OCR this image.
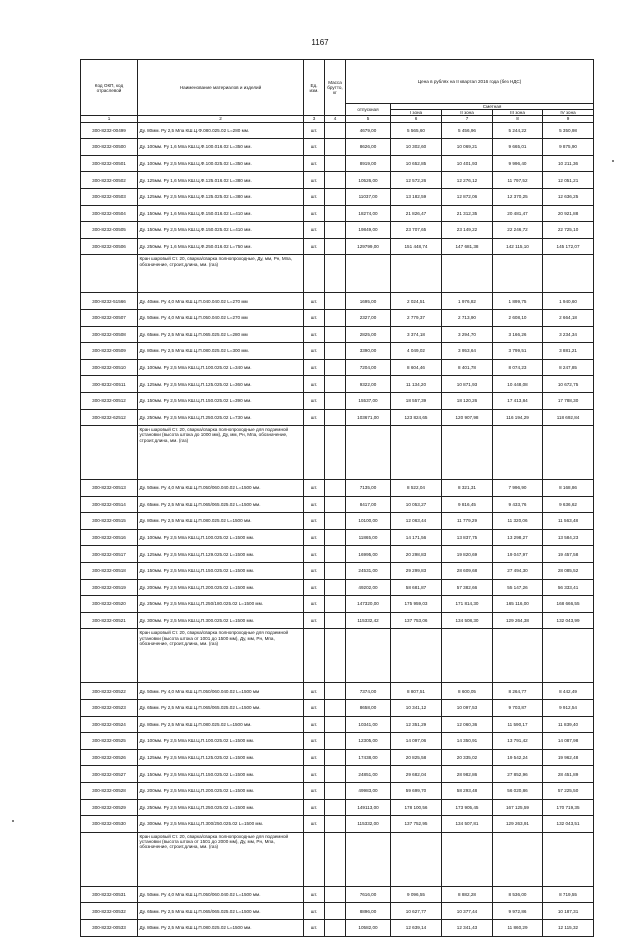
1167
Код ОКП, код отраслевой	Наименование материалов и изделий	Ед. изм.	Масса брутто, кг	Цена в рублях на II квартал 2016 года (без НДС)				
				отпускная	Сметная			
					I зона	II зона	III зона	IV зона
1	2	3	4	5	6	7	8	9
300-8232-00499	Ду. 80мм. Ру 2,5 Мпа КШ.Ц.Ф.080.025.02 L=280 мм.	шт.		4679,00	5 565,60	5 456,96	5 244,22	5 350,98
300-8232-00500	Ду. 100мм. Ру 1,6 Мпа КШ.Ц.Ф.100.016.02 L=350 мм.	шт.		8626,00	10 302,60	10 069,21	9 665,01	9 875,90
300-8232-00501	Ду. 100мм. Ру 2,5 Мпа КШ.Ц.Ф.100.025.02 L=350 мм.	шт.		8919,00	10 652,85	10 401,93	9 996,40	10 211,36
300-8232-00502	Ду. 125мм. Ру 1,6 Мпа КШ.Ц.Ф.125.016.02 L=380 мм.	шт.		10526,00	12 572,26	12 276,12	11 797,52	12 051,21
300-8232-00503	Ду. 125мм. Ру 2,5 Мпа КШ.Ц.Ф.125.025.02 L=380 мм.	шт.		11037,00	13 182,59	12 872,06	12 370,25	12 636,25
300-8232-00504	Ду. 150мм. Ру 1,6 Мпа КШ.Ц.Ф.150.016.02 L=410 мм.	шт.		18274,00	21 826,47	21 312,35	20 481,47	20 921,88
300-8232-00505	Ду. 150мм. Ру 2,5 Мпа КШ.Ц.Ф.150.025.02 L=410 мм.	шт.		19849,00	23 707,65	23 149,22	22 246,72	22 725,10
300-8232-00506	Ду. 250мм. Ру 1,6 Мпа КШ.Ц.Ф.250.016.02 L=750 мм.	шт.		129799,00	151 448,74	147 681,38	142 115,10	145 172,07
	Кран шаровый Ст. 20, сварка/сварка полнопроходные, Ду, мм, Рн, Мпа, обозначение, строит.длина, мм. (газ)							
300-8232-51566	Ду. 40мм. Ру 4,0 Мпа КШ.Ц.П.040.040.02 L=270 мм	шт.		1695,00	2 024,51	1 976,82	1 899,75	1 940,60
300-8232-00507	Ду. 50мм. Ру 4,0 Мпа КШ.Ц.П.050.040.02 L=270 мм	шт.		2327,00	2 779,37	2 713,90	2 608,10	2 664,18
300-8232-00508	Ду. 65мм. Ру 2,5 Мпа КШ.Ц.П.065.025.02 L=280 мм	шт.		2825,00	3 374,18	3 294,70	3 166,26	3 234,34
300-8232-00509	Ду. 80мм. Ру 2,5 Мпа КШ.Ц.П.080.025.02 L=300 мм.	шт.		3390,00	4 049,02	3 953,64	3 799,51	3 881,21
300-8232-00510	Ду. 100мм. Ру 2,5 Мпа КШ.Ц.П.100.025.02 L=340 мм.	шт.		7204,00	8 604,46	8 401,78	8 074,23	8 247,85
300-8232-00511	Ду. 125мм. Ру 2,5 Мпа КШ.Ц.П.125.025.02 L=360 мм.	шт.		9322,00	11 134,20	10 871,93	10 448,08	10 672,75
300-8232-00512	Ду. 150мм. Ру 2,5 Мпа КШ.Ц.П.150.025.02 L=390 мм.	шт.		15537,00	18 557,39	18 120,26	17 413,84	17 788,30
300-8232-62512	Ду. 250мм. Ру 2,5 Мпа КШ.Ц.П.250.025.02 L=730 мм.	шт.		103671,00	123 824,65	120 907,98	116 194,29	118 692,84
	Кран шаровый Ст. 20, сварка/сварка полнопроходные для подземной установки (высота штока до 1000 мм), Ду, мм, Рн, Мпа, обозначение, строит.длина, мм. (газ)							
300-8232-00513	Ду. 50мм. Ру 4,0 Мпа КШ.Ц.П.050/060.040.02 L=1500 мм.	шт.		7135,00	8 522,04	8 321,31	7 996,90	8 168,86
300-8232-00514	Ду. 65мм. Ру 2,5 Мпа КШ.Ц.П.065/065.025.02 L=1500 мм.	шт.		8417,00	10 053,27	9 816,45	9 433,76	9 636,62
300-8232-00515	Ду. 80мм. Ру 2,5 Мпа КШ.Ц.П.080.025.02 L=1500 мм.	шт.		10100,00	12 063,44	11 779,29	11 320,06	11 563,48
300-8232-00516	Ду. 100мм. Ру 2,5 Мпа КШ.Ц.П.100.025.02 L=1500 мм.	шт.		11865,00	14 171,56	13 837,75	13 298,27	13 584,23
300-8232-00517	Ду. 125мм. Ру 2,5 Мпа КШ.Ц.П.129.025.02 L=1500 мм.	шт.		16995,00	20 298,83	19 820,69	19 047,97	19 457,58
300-8232-00518	Ду. 150мм. Ру 2,5 Мпа КШ.Ц.П.150.025.02 L=1500 мм.	шт.		24531,00	29 299,83	28 609,68	27 494,30	28 085,52
300-8232-00519	Ду. 200мм. Ру 2,5 Мпа КШ.Ц.П.200.025.02 L=1500 мм.	шт.		49202,00	58 681,87	57 382,66	55 147,26	56 333,41
300-8232-00520	Ду. 250мм. Ру 2,5 Мпа КШ.Ц.П.250/180.025.02 L=1500 мм.	шт.		147320,00	175 959,03	171 814,30	165 116,00	168 666,55
300-8232-00521	Ду. 300мм. Ру 2,5 Мпа КШ.Ц.П.300.025.02 L=1500 мм.	шт.		115332,42	137 753,06	134 508,30	129 264,38	132 043,99
	Кран шаровый Ст. 20, сварка/сварка полнопроходные для подземной установки (высота штока от 1001 до 1500 мм), Ду, мм, Рн, Мпа, обозначение, строит.длина, мм. (газ)							
300-8232-00522	Ду. 50мм. Ру 4,0 Мпа КШ.Ц.П.050/060.040.02 L=1500 мм	шт.		7374,00	8 807,51	8 600,05	8 264,77	8 442,49
300-8232-00523	Ду. 65мм. Ру 2,5 Мпа КШ.Ц.П.065/065.025.02 L=1500 мм.	шт.		8658,00	10 341,12	10 097,53	9 703,87	9 912,54
300-8232-00524	Ду. 80мм. Ру 2,5 Мпа КШ.Ц.П.080.025.02 L=1500 мм.	шт.		10341,00	12 351,29	12 060,36	11 590,17	11 839,40
300-8232-00525	Ду. 100мм. Ру 2,5 Мпа КШ.Ц.П.100.025.02 L=1500 мм.	шт.		12305,00	14 097,06	14 350,91	13 791,42	14 087,98
300-8232-00526	Ду. 125мм. Ру 2,5 Мпа КШ.Ц.П.125.025.02 L=1500 мм.	шт.		17438,00	20 825,58	20 335,02	19 542,24	19 962,48
300-8232-00527	Ду. 150мм. Ру 2,5 Мпа КШ.Ц.П.150.025.02 L=1500 мм.	шт.		24851,00	29 682,04	28 982,86	27 852,96	28 451,89
300-8232-00528	Ду. 200мм. Ру 2,5 Мпа КШ.Ц.П.200.025.02 L=1500 мм.	шт.		49983,00	59 699,70	58 293,48	56 020,86	57 225,50
300-8232-00529	Ду. 250мм. Ру 2,5 Мпа КШ.Ц.П.250.025.02 L=1500 мм.	шт.		149113,00	178 100,56	173 905,45	167 125,59	170 719,35
300-8232-00530	Ду. 300мм. Ру 2,5 Мпа КШ.Ц.П.300/250.025.02 L=1500 мм.	шт.		115332,00	137 752,95	134 507,81	129 263,91	132 043,51
	Кран шаровый Ст. 20, сварка/сварка полнопроходные для подземной установки (высота штока от 1501 до 2000 мм), Ду, мм, Рн, Мпа, обозначение, строит.длина, мм. (газ)							
300-8232-00531	Ду. 50мм. Ру 4,0 Мпа КШ.Ц.П.050/060.040.02 L=1500 мм.	шт.		7616,00	9 096,55	8 882,28	8 536,00	8 719,55
300-8232-00532	Ду. 65мм. Ру 2,5 Мпа КШ.Ц.П.065/065.025.02 L=1500 мм.	шт.		8896,00	10 627,77	10 377,44	9 972,86	10 187,31
300-8232-00533	Ду. 80мм. Ру 2,5 Мпа КШ.Ц.П.080.025.02 L=1500 мм.	шт.		10582,00	12 639,14	12 341,43	11 860,29	12 115,32
